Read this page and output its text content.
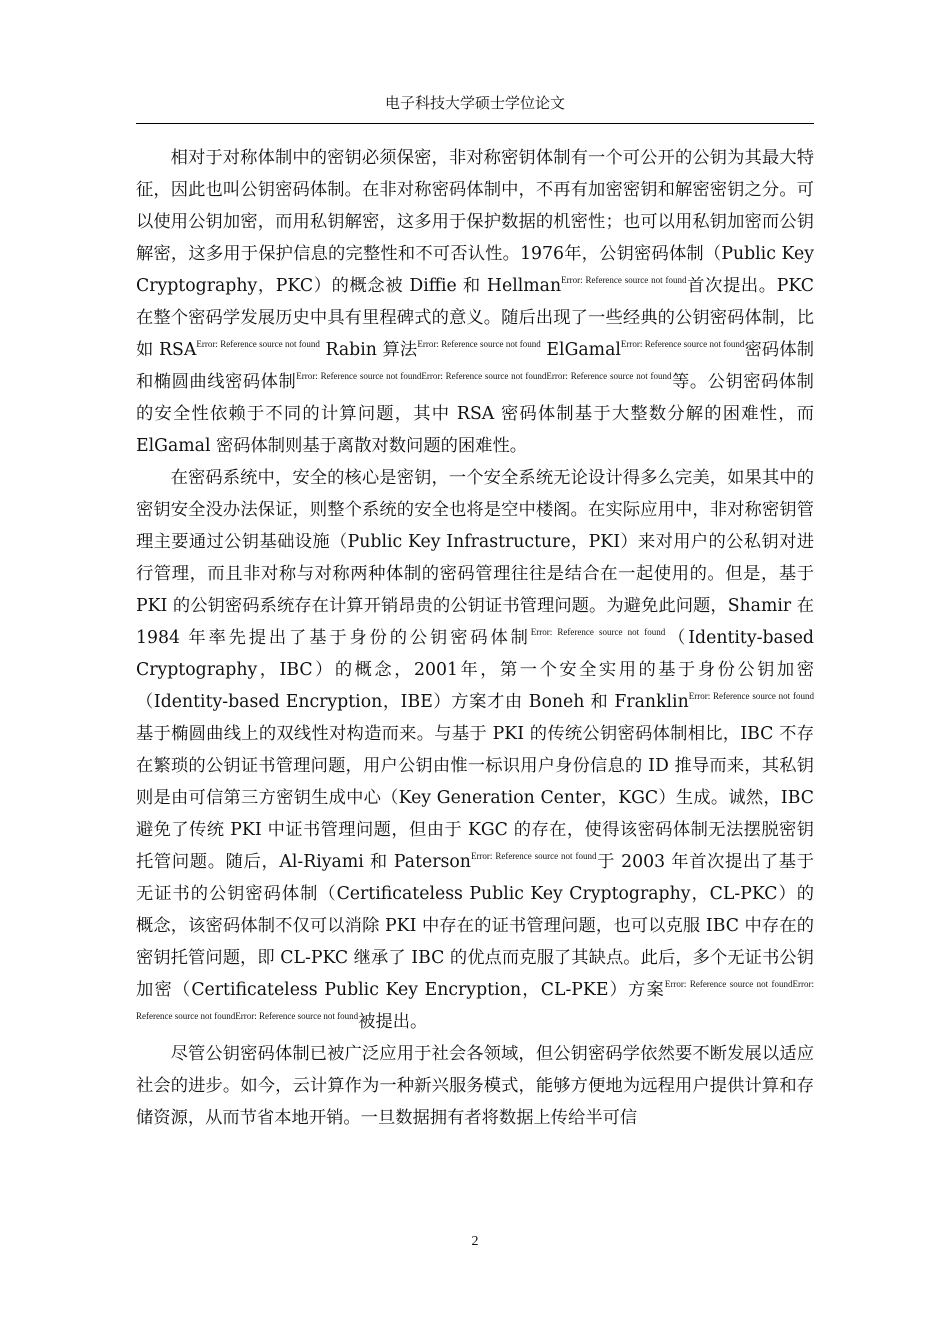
电子科技大学硕士学位论文

相对于对称体制中的密钥必须保密，非对称密钥体制有一个可公开的公钥为其最大特征，因此也叫公钥密码体制。在非对称密码体制中，不再有加密密钥和解密密钥之分。可以使用公钥加密，而用私钥解密，这多用于保护数据的机密性；也可以用私钥加密而公钥解密，这多用于保护信息的完整性和不可否认性。1976年，公钥密码体制（Public Key Cryptography，PKC）的概念被 Diffie 和 Hellman$^{Error: Reference source not found}$首次提出。PKC 在整个密码学发展历史中具有里程碑式的意义。随后出现了一些经典的公钥密码体制，比如 $RSA^{Error: Reference source not found}$ Rabin 算法$^{Error: Reference source not found}$ ElGamal$^{Error: Reference source not found}$密码体制和椭圆曲线密码体制$^{Error: Reference source not foundError: Reference source not foundError: Reference source not found}$等。公钥密码体制的安全性依赖于不同的计算问题，其中 RSA 密码体制基于大整数分解的困难性，而 ElGamal 密码体制则基于离散对数问题的困难性。

在密码系统中，安全的核心是密钥，一个安全系统无论设计得多么完美，如果其中的密钥安全没办法保证，则整个系统的安全也将是空中楼阁。在实际应用中，非对称密钥管理主要通过公钥基础设施（Public Key Infrastructure，PKI）来对用户的公私钥对进行管理，而且非对称与对称两种体制的密码管理往往是结合在一起使用的。但是，基于 PKI 的公钥密码系统存在计算开销昂贵的公钥证书管理问题。为避免此问题，Shamir 在 1984 年率先提出了基于身份的公钥密码体制$^{Error: Reference source not found}$（Identity-based Cryptography，IBC）的概念，2001年，第一个安全实用的基于身份公钥加密（Identity-based Encryption，IBE）方案才由 Boneh 和 Franklin$^{Error: Reference source not found}$基于椭圆曲线上的双线性对构造而来。与基于 PKI 的传统公钥密码体制相比，IBC 不存在繁琐的公钥证书管理问题，用户公钥由惟一标识用户身份信息的 ID 推导而来，其私钥则是由可信第三方密钥生成中心（Key Generation Center，KGC）生成。诚然，IBC 避免了传统 PKI 中证书管理问题，但由于 KGC 的存在，使得该密码体制无法摆脱密钥托管问题。随后，Al-Riyami 和 Paterson$^{Error: Reference source not found}$于 2003 年首次提出了基于无证书的公钥密码体制（Certificateless Public Key Cryptography，CL-PKC）的概念，该密码体制不仅可以消除 PKI 中存在的证书管理问题，也可以克服 IBC 中存在的密钥托管问题，即 CL-PKC 继承了 IBC 的优点而克服了其缺点。此后，多个无证书公钥加密（Certificateless Public Key Encryption，CL-PKE）方案$^{Error: Reference source not foundError: Reference source not foundError: Reference source not found}$被提出。

尽管公钥密码体制已被广泛应用于社会各领域，但公钥密码学依然要不断发展以适应社会的进步。如今，云计算作为一种新兴服务模式，能够方便地为远程用户提供计算和存储资源，从而节省本地开销。一旦数据拥有者将数据上传给半可信

2
